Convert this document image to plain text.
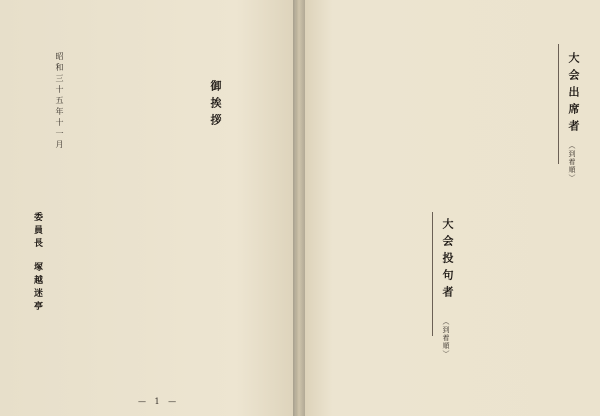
御挨拶
昭和三十五年十一月
委員長
塚越迷亭
— 1 —
大会出席者
（到着順）
大会投句者
（到着順）
